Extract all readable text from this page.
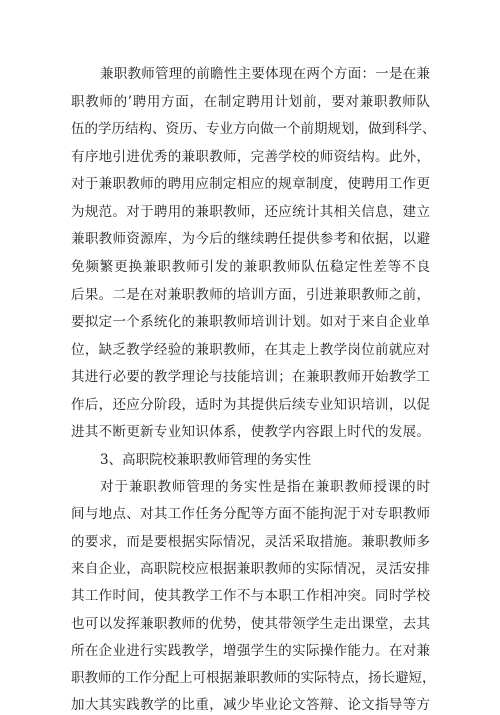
兼职教师管理的前瞻性主要体现在两个方面：一是在兼
职教师的’聘用方面，在制定聘用计划前，要对兼职教师队
伍的学历结构、资历、专业方向做一个前期规划，做到科学、
有序地引进优秀的兼职教师，完善学校的师资结构。此外，
对于兼职教师的聘用应制定相应的规章制度，使聘用工作更
为规范。对于聘用的兼职教师，还应统计其相关信息，建立
兼职教师资源库，为今后的继续聘任提供参考和依据，以避
免频繁更换兼职教师引发的兼职教师队伍稳定性差等不良
后果。二是在对兼职教师的培训方面，引进兼职教师之前，
要拟定一个系统化的兼职教师培训计划。如对于来自企业单
位，缺乏教学经验的兼职教师，在其走上教学岗位前就应对
其进行必要的教学理论与技能培训；在兼职教师开始教学工
作后，还应分阶段，适时为其提供后续专业知识培训，以促
进其不断更新专业知识体系，使教学内容跟上时代的发展。
3、高职院校兼职教师管理的务实性
对于兼职教师管理的务实性是指在兼职教师授课的时
间与地点、对其工作任务分配等方面不能拘泥于对专职教师
的要求，而是要根据实际情况，灵活采取措施。兼职教师多
来自企业，高职院校应根据兼职教师的实际情况，灵活安排
其工作时间，使其教学工作不与本职工作相冲突。同时学校
也可以发挥兼职教师的优势，使其带领学生走出课堂，去其
所在企业进行实践教学，增强学生的实际操作能力。在对兼
职教师的工作分配上可根据兼职教师的实际特点，扬长避短，
加大其实践教学的比重，减少毕业论文答辩、论文指导等方
